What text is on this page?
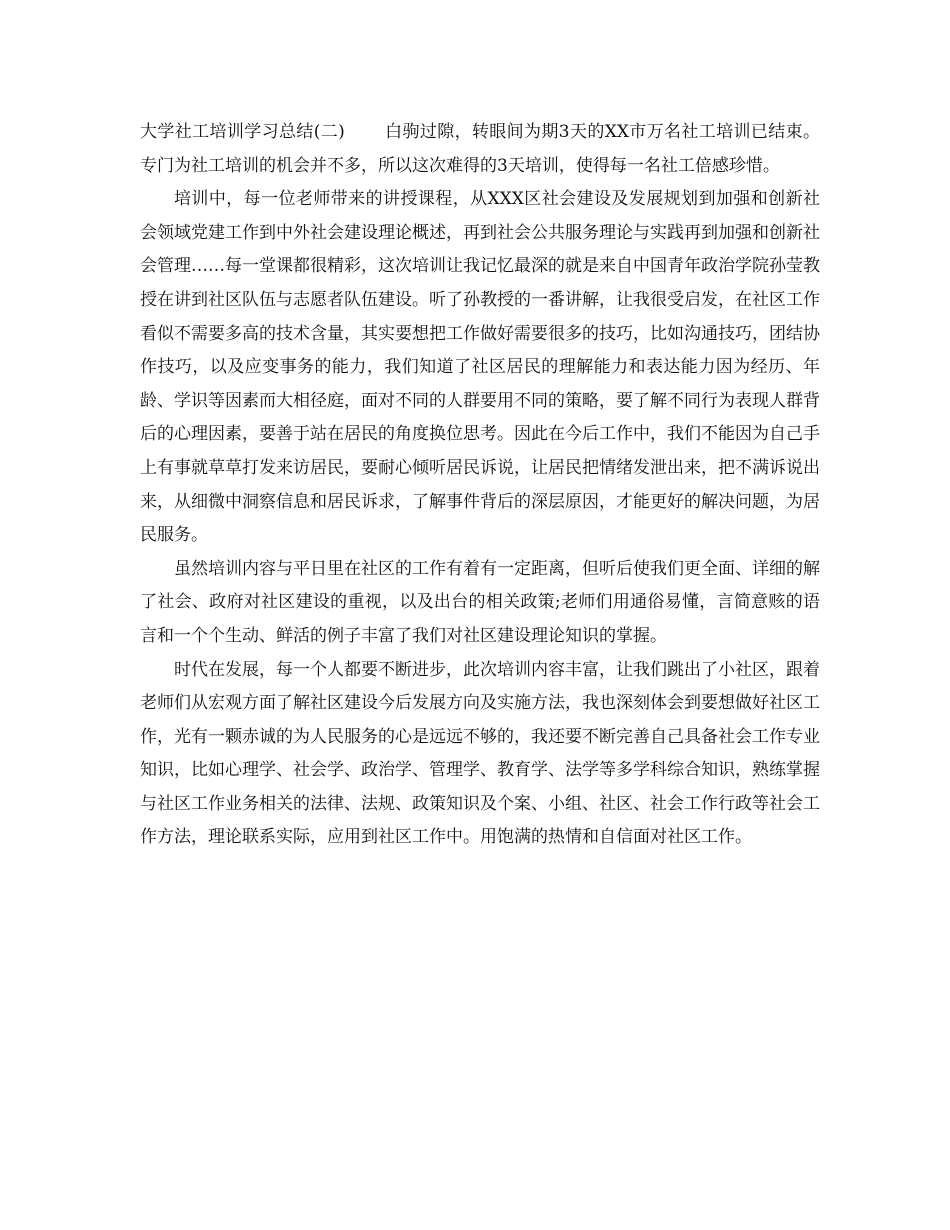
大学社工培训学习总结(二) 白驹过隙，转眼间为期3天的XX市万名社工培训已结束。专门为社工培训的机会并不多，所以这次难得的3天培训，使得每一名社工倍感珍惜。

培训中，每一位老师带来的讲授课程，从XXX区社会建设及发展规划到加强和创新社会领域党建工作到中外社会建设理论概述，再到社会公共服务理论与实践再到加强和创新社会管理……每一堂课都很精彩，这次培训让我记忆最深的就是来自中国青年政治学院孙莹教授在讲到社区队伍与志愿者队伍建设。听了孙教授的一番讲解，让我很受启发，在社区工作看似不需要多高的技术含量，其实要想把工作做好需要很多的技巧，比如沟通技巧，团结协作技巧，以及应变事务的能力，我们知道了社区居民的理解能力和表达能力因为经历、年龄、学识等因素而大相径庭，面对不同的人群要用不同的策略，要了解不同行为表现人群背后的心理因素，要善于站在居民的角度换位思考。因此在今后工作中，我们不能因为自己手上有事就草草打发来访居民，要耐心倾听居民诉说，让居民把情绪发泄出来，把不满诉说出来，从细微中洞察信息和居民诉求，了解事件背后的深层原因，才能更好的解决问题，为居民服务。

虽然培训内容与平日里在社区的工作有着有一定距离，但听后使我们更全面、详细的解了社会、政府对社区建设的重视，以及出台的相关政策;老师们用通俗易懂，言简意赅的语言和一个个生动、鲜活的例子丰富了我们对社区建设理论知识的掌握。

时代在发展，每一个人都要不断进步，此次培训内容丰富，让我们跳出了小社区，跟着老师们从宏观方面了解社区建设今后发展方向及实施方法，我也深刻体会到要想做好社区工作，光有一颗赤诚的为人民服务的心是远远不够的，我还要不断完善自己具备社会工作专业知识，比如心理学、社会学、政治学、管理学、教育学、法学等多学科综合知识，熟练掌握与社区工作业务相关的法律、法规、政策知识及个案、小组、社区、社会工作行政等社会工作方法，理论联系实际，应用到社区工作中。用饱满的热情和自信面对社区工作。
